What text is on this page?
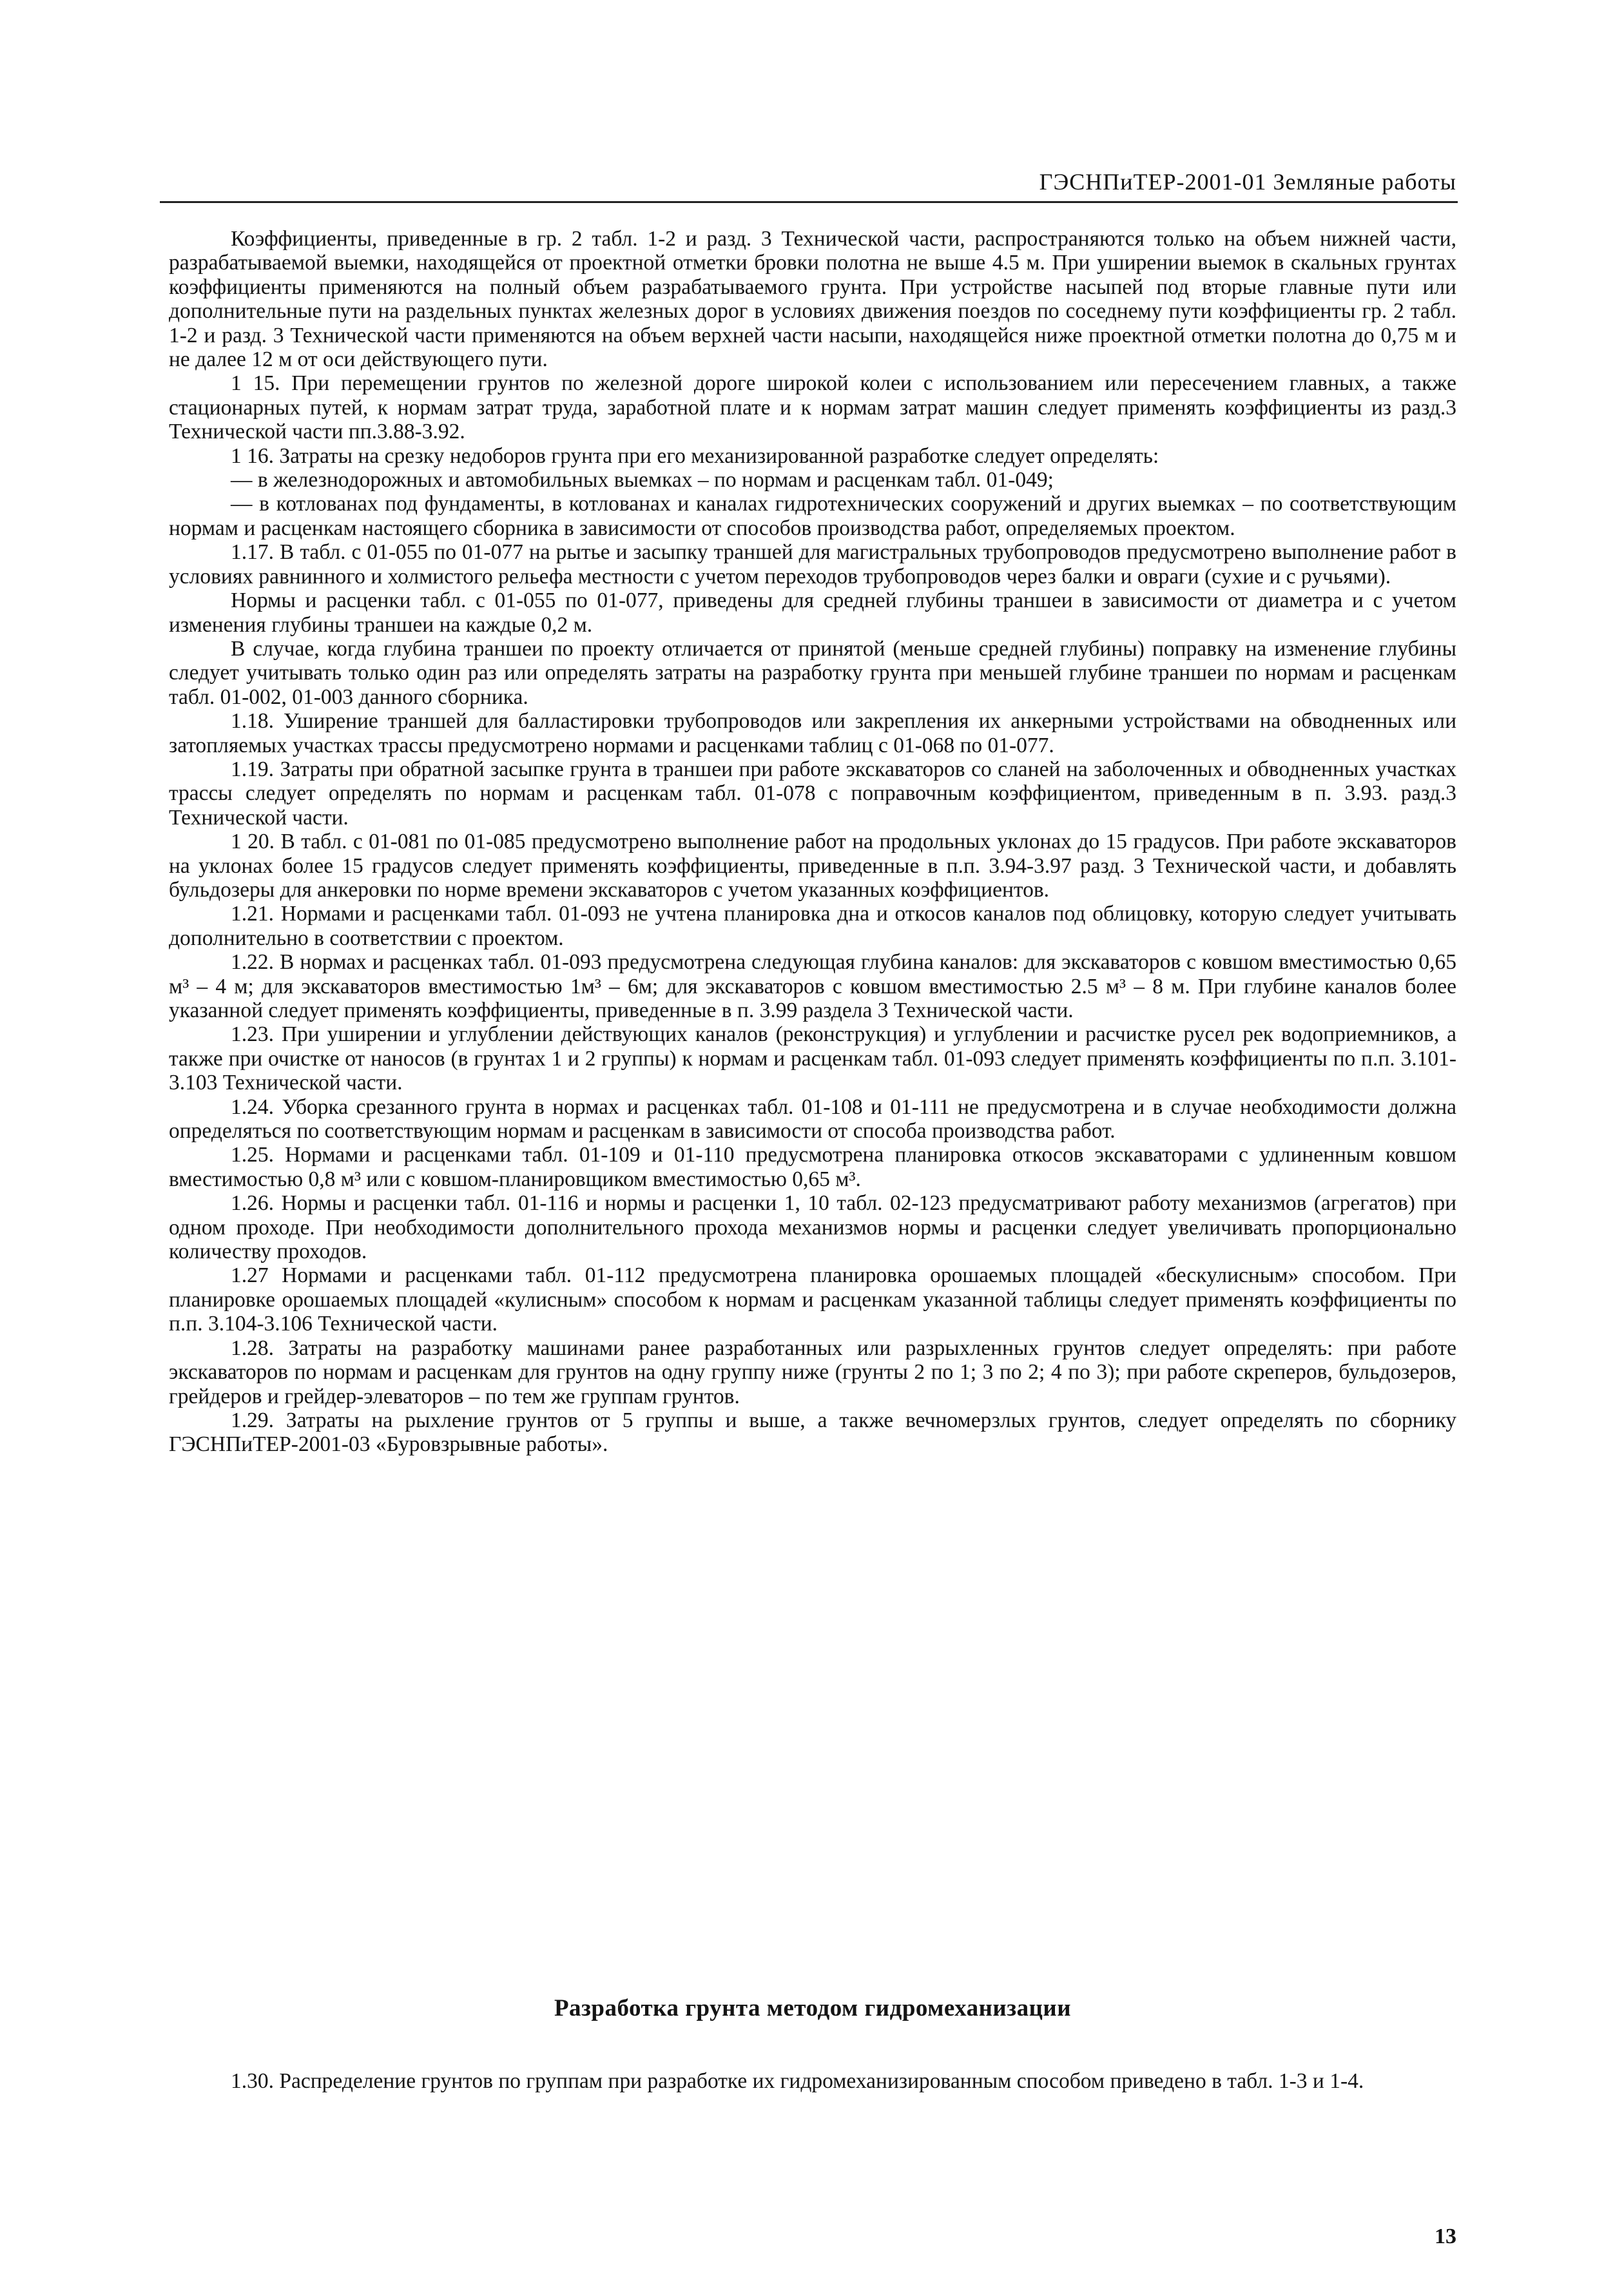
ГЭСНПиТЕР-2001-01 Земляные работы

Коэффициенты, приведенные в гр. 2 табл. 1-2 и разд. 3 Технической части, распространяются только на объем нижней части, разрабатываемой выемки, находящейся от проектной отметки бровки полотна не выше 4.5 м. При уширении выемок в скальных грунтах коэффициенты применяются на полный объем разрабатываемого грунта. При устройстве насыпей под вторые главные пути или дополнительные пути на раздельных пунктах железных дорог в условиях движения поездов по соседнему пути коэффициенты гр. 2 табл. 1-2 и разд. 3 Технической части применяются на объем верхней части насыпи, находящейся ниже проектной отметки полотна до 0,75 м и не далее 12 м от оси действующего пути.

1 15. При перемещении грунтов по железной дороге широкой колеи с использованием или пересечением главных, а также стационарных путей, к нормам затрат труда, заработной плате и к нормам затрат машин следует применять коэффициенты из разд.3 Технической части пп.3.88-3.92.

1 16. Затраты на срезку недоборов грунта при его механизированной разработке следует определять:

— в железнодорожных и автомобильных выемках – по нормам и расценкам табл. 01-049;

— в котлованах под фундаменты, в котлованах и каналах гидротехнических сооружений и других выемках – по соответствующим нормам и расценкам настоящего сборника в зависимости от способов производства работ, определяемых проектом.

1.17. В табл. с 01-055 по 01-077 на рытье и засыпку траншей для магистральных трубопроводов предусмотрено выполнение работ в условиях равнинного и холмистого рельефа местности с учетом переходов трубопроводов через балки и овраги (сухие и с ручьями).

Нормы и расценки табл. с 01-055 по 01-077, приведены для средней глубины траншеи в зависимости от диаметра и с учетом изменения глубины траншеи на каждые 0,2 м.

В случае, когда глубина траншеи по проекту отличается от принятой (меньше средней глубины) поправку на изменение глубины следует учитывать только один раз или определять затраты на разработку грунта при меньшей глубине траншеи по нормам и расценкам табл. 01-002, 01-003 данного сборника.

1.18. Уширение траншей для балластировки трубопроводов или закрепления их анкерными устройствами на обводненных или затопляемых участках трассы предусмотрено нормами и расценками таблиц с 01-068 по 01-077.

1.19. Затраты при обратной засыпке грунта в траншеи при работе экскаваторов со сланей на заболоченных и обводненных участках трассы следует определять по нормам и расценкам табл. 01-078 с поправочным коэффициентом, приведенным в п. 3.93. разд.3 Технической части.

1 20. В табл. с 01-081 по 01-085 предусмотрено выполнение работ на продольных уклонах до 15 градусов. При работе экскаваторов на уклонах более 15 градусов следует применять коэффициенты, приведенные в п.п. 3.94-3.97 разд. 3 Технической части, и добавлять бульдозеры для анкеровки по норме времени экскаваторов с учетом указанных коэффициентов.

1.21. Нормами и расценками табл. 01-093 не учтена планировка дна и откосов каналов под облицовку, которую следует учитывать дополнительно в соответствии с проектом.

1.22. В нормах и расценках табл. 01-093 предусмотрена следующая глубина каналов: для экскаваторов с ковшом вместимостью 0,65 м³ – 4 м; для экскаваторов вместимостью 1м³ – 6м; для экскаваторов с ковшом вместимостью 2.5 м³ – 8 м. При глубине каналов более указанной следует применять коэффициенты, приведенные в п. 3.99 раздела 3 Технической части.

1.23. При уширении и углублении действующих каналов (реконструкция) и углублении и расчистке русел рек водоприемников, а также при очистке от наносов (в грунтах 1 и 2 группы) к нормам и расценкам табл. 01-093 следует применять коэффициенты по п.п. 3.101-3.103 Технической части.

1.24. Уборка срезанного грунта в нормах и расценках табл. 01-108 и 01-111 не предусмотрена и в случае необходимости должна определяться по соответствующим нормам и расценкам в зависимости от способа производства работ.

1.25. Нормами и расценками табл. 01-109 и 01-110 предусмотрена планировка откосов экскаваторами с удлиненным ковшом вместимостью 0,8 м³ или с ковшом-планировщиком вместимостью 0,65 м³.

1.26. Нормы и расценки табл. 01-116 и нормы и расценки 1, 10 табл. 02-123 предусматривают работу механизмов (агрегатов) при одном проходе. При необходимости дополнительного прохода механизмов нормы и расценки следует увеличивать пропорционально количеству проходов.

1.27 Нормами и расценками табл. 01-112 предусмотрена планировка орошаемых площадей «бескулисным» способом. При планировке орошаемых площадей «кулисным» способом к нормам и расценкам указанной таблицы следует применять коэффициенты по п.п. 3.104-3.106 Технической части.

1.28. Затраты на разработку машинами ранее разработанных или разрыхленных грунтов следует определять: при работе экскаваторов по нормам и расценкам для грунтов на одну группу ниже (грунты 2 по 1; 3 по 2; 4 по 3); при работе скреперов, бульдозеров, грейдеров и грейдер-элеваторов – по тем же группам грунтов.

1.29. Затраты на рыхление грунтов от 5 группы и выше, а также вечномерзлых грунтов, следует определять по сборнику ГЭСНПиТЕР-2001-03 «Буровзрывные работы».

Разработка грунта методом гидромеханизации

1.30. Распределение грунтов по группам при разработке их гидромеханизированным способом приведено в табл. 1-3 и 1-4.

13
